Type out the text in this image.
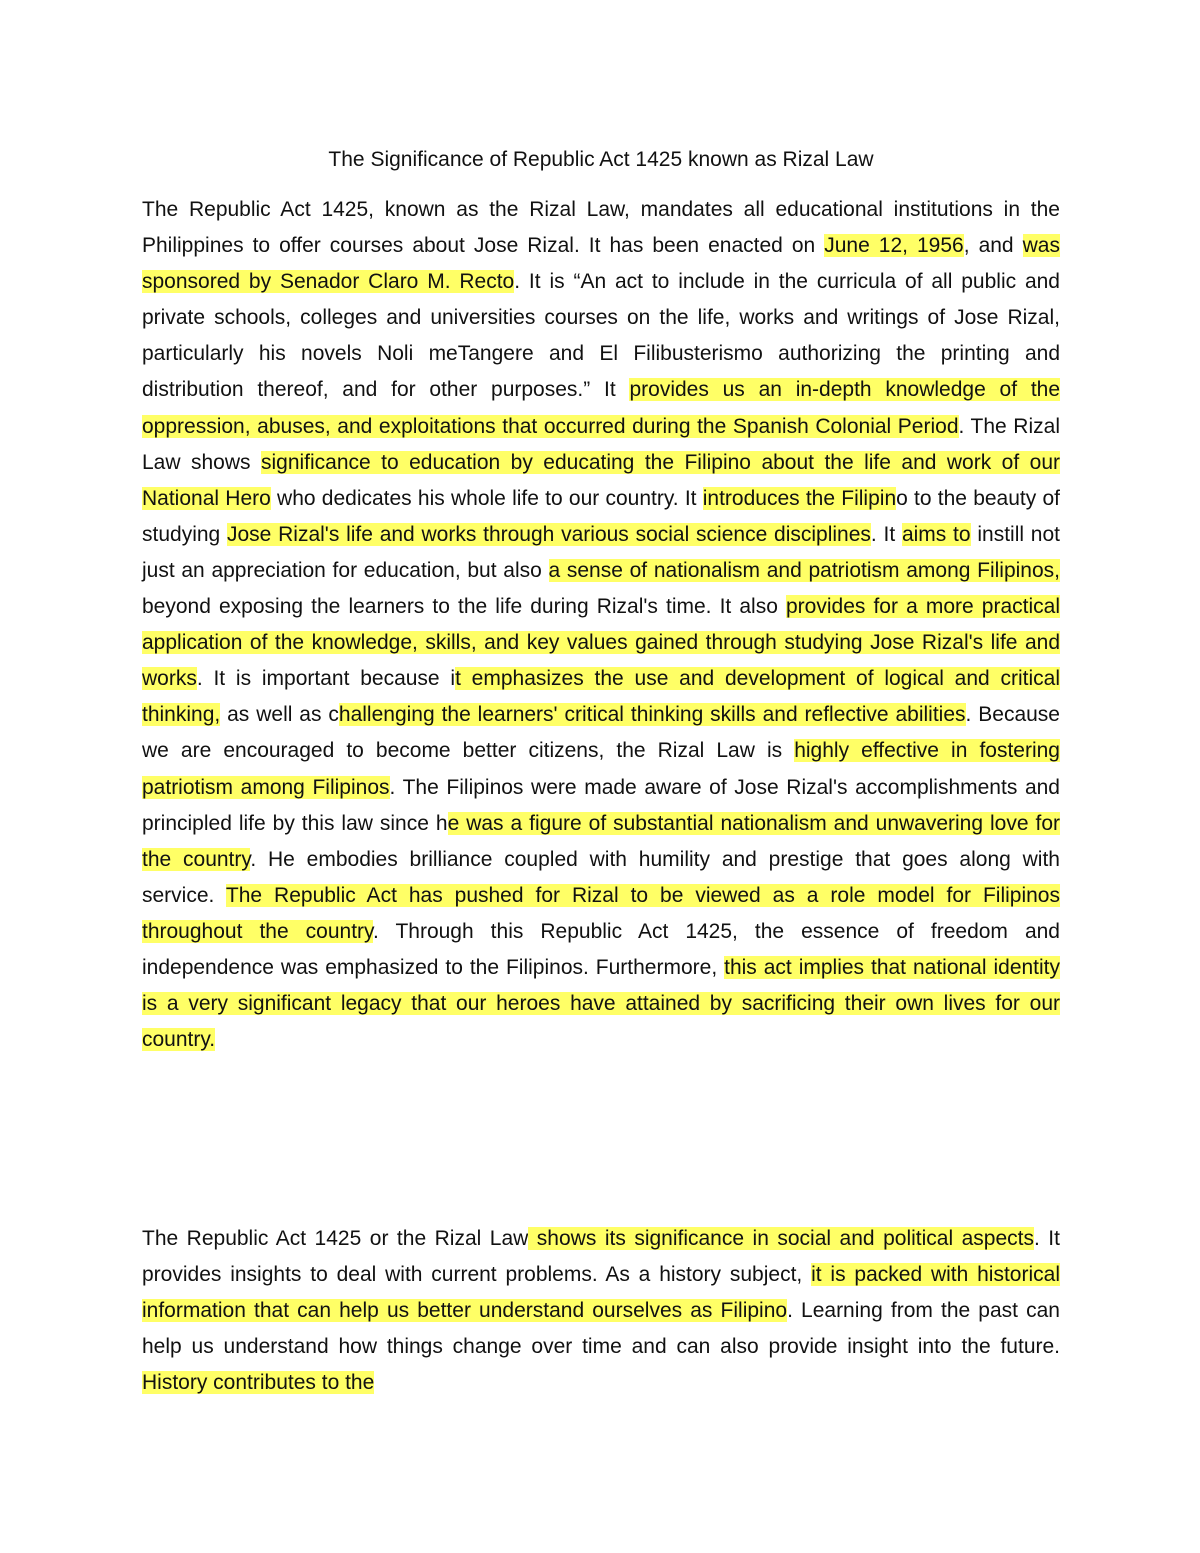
The Significance of Republic Act 1425 known as Rizal Law

The Republic Act 1425, known as the Rizal Law, mandates all educational institutions in the Philippines to offer courses about Jose Rizal. It has been enacted on June 12, 1956, and was sponsored by Senador Claro M. Recto. It is “An act to include in the curricula of all public and private schools, colleges and universities courses on the life, works and writings of Jose Rizal, particularly his novels Noli meTangere and El Filibusterismo authorizing the printing and distribution thereof, and for other purposes.” It provides us an in-depth knowledge of the oppression, abuses, and exploitations that occurred during the Spanish Colonial Period. The Rizal Law shows significance to education by educating the Filipino about the life and work of our National Hero who dedicates his whole life to our country. It introduces the Filipino to the beauty of studying Jose Rizal's life and works through various social science disciplines. It aims to instill not just an appreciation for education, but also a sense of nationalism and patriotism among Filipinos, beyond exposing the learners to the life during Rizal's time. It also provides for a more practical application of the knowledge, skills, and key values gained through studying Jose Rizal's life and works. It is important because it emphasizes the use and development of logical and critical thinking, as well as challenging the learners' critical thinking skills and reflective abilities. Because we are encouraged to become better citizens, the Rizal Law is highly effective in fostering patriotism among Filipinos. The Filipinos were made aware of Jose Rizal's accomplishments and principled life by this law since he was a figure of substantial nationalism and unwavering love for the country. He embodies brilliance coupled with humility and prestige that goes along with service. The Republic Act has pushed for Rizal to be viewed as a role model for Filipinos throughout the country. Through this Republic Act 1425, the essence of freedom and independence was emphasized to the Filipinos. Furthermore, this act implies that national identity is a very significant legacy that our heroes have attained by sacrificing their own lives for our country.

The Republic Act 1425 or the Rizal Law shows its significance in social and political aspects. It provides insights to deal with current problems. As a history subject, it is packed with historical information that can help us better understand ourselves as Filipino. Learning from the past can help us understand how things change over time and can also provide insight into the future. History contributes to the
